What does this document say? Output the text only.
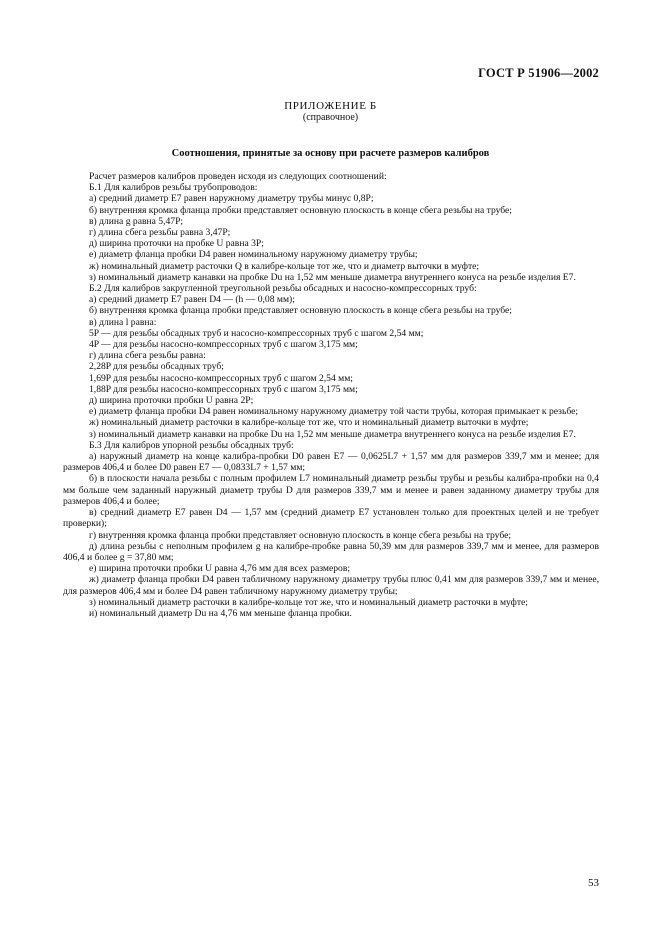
ГОСТ Р 51906—2002
ПРИЛОЖЕНИЕ Б
(справочное)
Соотношения, принятые за основу при расчете размеров калибров

Расчет размеров калибров проведен исходя из следующих соотношений:

Б.1 Для калибров резьбы трубопроводов:

а) средний диаметр E7 равен наружному диаметру трубы минус 0,8P;

б) внутренняя кромка фланца пробки представляет основную плоскость в конце сбега резьбы на трубе;

в) длина g равна 5,47P;

г) длина сбега резьбы равна 3,47P;

д) ширина проточки на пробке U равна 3P;

е) диаметр фланца пробки D4 равен номинальному наружному диаметру трубы;

ж) номинальный диаметр расточки Q в калибре-кольце тот же, что и диаметр выточки в муфте;

з) номинальный диаметр канавки на пробке Du на 1,52 мм меньше диаметра внутреннего конуса на резьбе изделия E7.

Б.2 Для калибров закругленной треугольной резьбы обсадных и насосно-компрессорных труб:

а) средний диаметр E7 равен D4 — (h — 0,08 мм);

б) внутренняя кромка фланца пробки представляет основную плоскость в конце сбега резьбы на трубе;

в) длина l равна:

5P — для резьбы обсадных труб и насосно-компрессорных труб с шагом 2,54 мм;

4P — для резьбы насосно-компрессорных труб с шагом 3,175 мм;

г) длина сбега резьбы равна:

2,28P для резьбы обсадных труб;

1,69P для резьбы насосно-компрессорных труб с шагом 2,54 мм;

1,88P для резьбы насосно-компрессорных труб с шагом 3,175 мм;

д) ширина проточки пробки U равна 2P;

е) диаметр фланца пробки D4 равен номинальному наружному диаметру той части трубы, которая примыкает к резьбе;

ж) номинальный диаметр расточки в калибре-кольце тот же, что и номинальный диаметр выточки в муфте;

з) номинальный диаметр канавки на пробке Du на 1,52 мм меньше диаметра внутреннего конуса на резьбе изделия E7.

Б.3 Для калибров упорной резьбы обсадных труб:

а) наружный диаметр на конце калибра-пробки D0 равен E7 — 0,0625L7 + 1,57 мм для размеров 339,7 мм и менее; для размеров 406,4 и более D0 равен E7 — 0,0833L7 + 1,57 мм;

б) в плоскости начала резьбы с полным профилем L7 номинальный диаметр резьбы трубы и резьбы калибра-пробки на 0,4 мм больше чем заданный наружный диаметр трубы D для размеров 339,7 мм и менее и равен заданному диаметру трубы для размеров 406,4 и более;

в) средний диаметр E7 равен D4 — 1,57 мм (средний диаметр E7 установлен только для проектных целей и не требует проверки);

г) внутренняя кромка фланца пробки представляет основную плоскость в конце сбега резьбы на трубе;

д) длина резьбы с неполным профилем g на калибре-пробке равна 50,39 мм для размеров 339,7 мм и менее, для размеров 406,4 и более g = 37,80 мм;

е) ширина проточки пробки U равна 4,76 мм для всех размеров;

ж) диаметр фланца пробки D4 равен табличному наружному диаметру трубы плюс 0,41 мм для размеров 339,7 мм и менее, для размеров 406,4 мм и более D4 равен табличному наружному диаметру трубы;

з) номинальный диаметр расточки в калибре-кольце тот же, что и номинальный диаметр расточки в муфте;

и) номинальный диаметр Du на 4,76 мм меньше фланца пробки.

53
